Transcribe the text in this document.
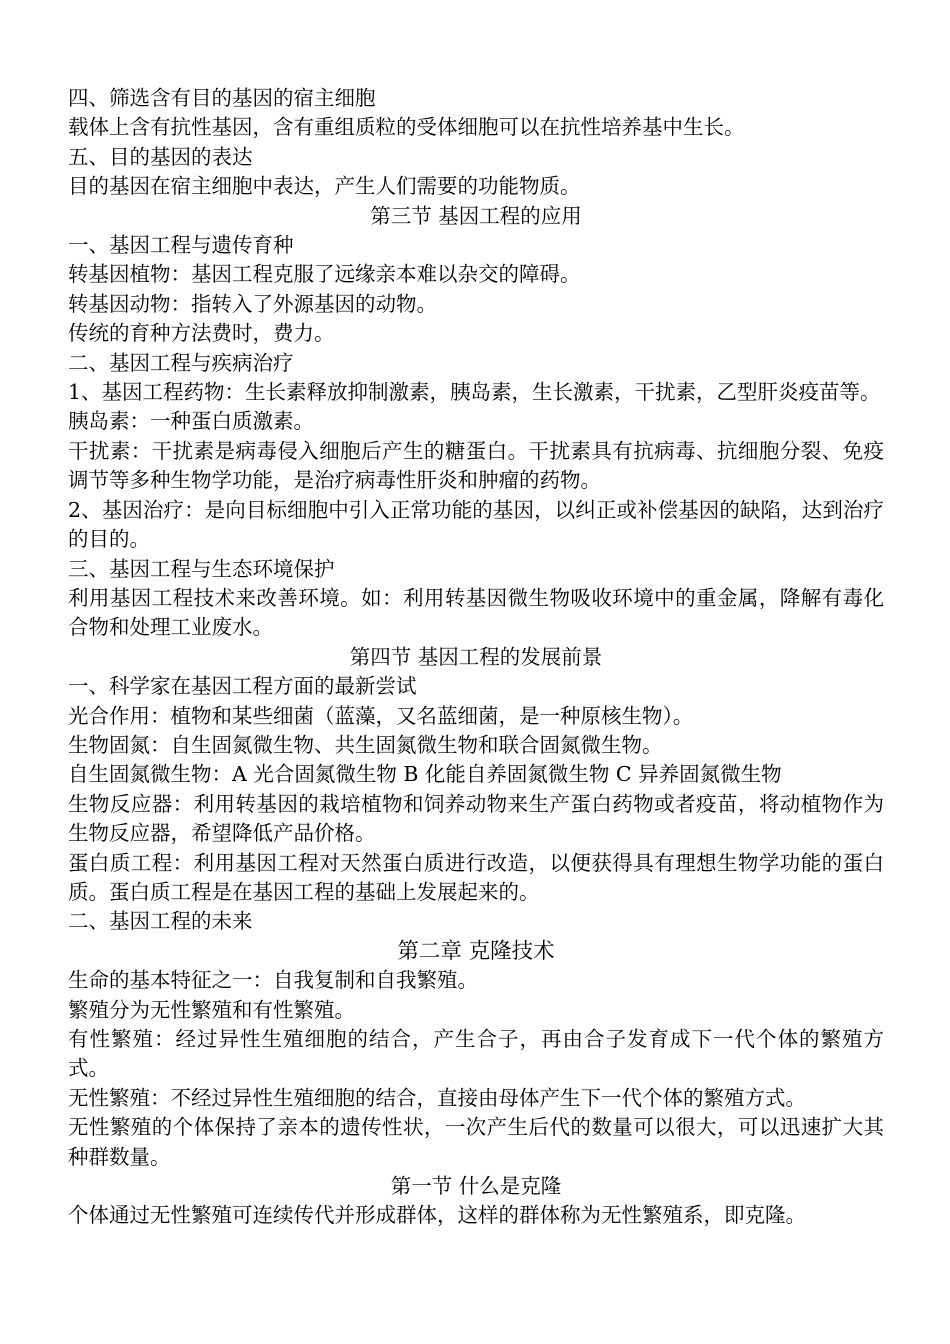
四、筛选含有目的基因的宿主细胞
载体上含有抗性基因，含有重组质粒的受体细胞可以在抗性培养基中生长。
五、目的基因的表达
目的基因在宿主细胞中表达，产生人们需要的功能物质。
第三节 基因工程的应用
一、基因工程与遗传育种
转基因植物：基因工程克服了远缘亲本难以杂交的障碍。
转基因动物：指转入了外源基因的动物。
传统的育种方法费时，费力。
二、基因工程与疾病治疗
1、基因工程药物：生长素释放抑制激素，胰岛素，生长激素，干扰素，乙型肝炎疫苗等。
胰岛素：一种蛋白质激素。
干扰素：干扰素是病毒侵入细胞后产生的糖蛋白。干扰素具有抗病毒、抗细胞分裂、免疫调节等多种生物学功能，是治疗病毒性肝炎和肿瘤的药物。
2、基因治疗：是向目标细胞中引入正常功能的基因，以纠正或补偿基因的缺陷，达到治疗的目的。
三、基因工程与生态环境保护
利用基因工程技术来改善环境。如：利用转基因微生物吸收环境中的重金属，降解有毒化合物和处理工业废水。
第四节 基因工程的发展前景
一、科学家在基因工程方面的最新尝试
光合作用：植物和某些细菌（蓝藻，又名蓝细菌，是一种原核生物）。
生物固氮：自生固氮微生物、共生固氮微生物和联合固氮微生物。
自生固氮微生物：A 光合固氮微生物 B 化能自养固氮微生物 C 异养固氮微生物
生物反应器：利用转基因的栽培植物和饲养动物来生产蛋白药物或者疫苗，将动植物作为生物反应器，希望降低产品价格。
蛋白质工程：利用基因工程对天然蛋白质进行改造，以便获得具有理想生物学功能的蛋白质。蛋白质工程是在基因工程的基础上发展起来的。
二、基因工程的未来
第二章 克隆技术
生命的基本特征之一：自我复制和自我繁殖。
繁殖分为无性繁殖和有性繁殖。
有性繁殖：经过异性生殖细胞的结合，产生合子，再由合子发育成下一代个体的繁殖方式。
无性繁殖：不经过异性生殖细胞的结合，直接由母体产生下一代个体的繁殖方式。
无性繁殖的个体保持了亲本的遗传性状，一次产生后代的数量可以很大，可以迅速扩大其种群数量。
第一节 什么是克隆
个体通过无性繁殖可连续传代并形成群体，这样的群体称为无性繁殖系，即克隆。
